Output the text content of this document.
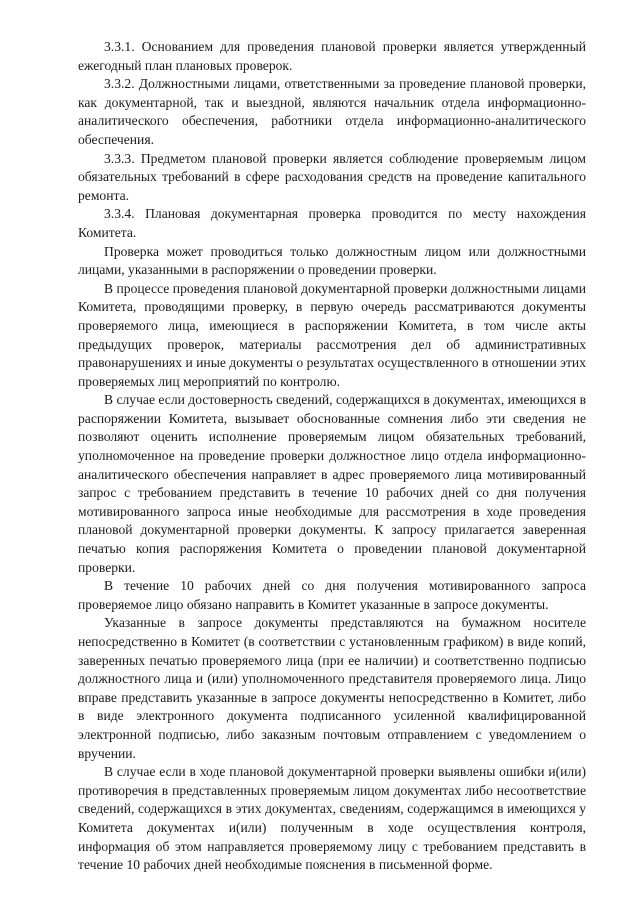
3.3.1. Основанием для проведения плановой проверки является утвержденный ежегодный план плановых проверок.

3.3.2. Должностными лицами, ответственными за проведение плановой проверки, как документарной, так и выездной, являются начальник отдела информационно-аналитического обеспечения, работники отдела информационно-аналитического обеспечения.

3.3.3. Предметом плановой проверки является соблюдение проверяемым лицом обязательных требований в сфере расходования средств на проведение капитального ремонта.

3.3.4. Плановая документарная проверка проводится по месту нахождения Комитета.

Проверка может проводиться только должностным лицом или должностными лицами, указанными в распоряжении о проведении проверки.

В процессе проведения плановой документарной проверки должностными лицами Комитета, проводящими проверку, в первую очередь рассматриваются документы проверяемого лица, имеющиеся в распоряжении Комитета, в том числе акты предыдущих проверок, материалы рассмотрения дел об административных правонарушениях и иные документы о результатах осуществленного в отношении этих проверяемых лиц мероприятий по контролю.

В случае если достоверность сведений, содержащихся в документах, имеющихся в распоряжении Комитета, вызывает обоснованные сомнения либо эти сведения не позволяют оценить исполнение проверяемым лицом обязательных требований, уполномоченное на проведение проверки должностное лицо отдела информационно-аналитического обеспечения направляет в адрес проверяемого лица мотивированный запрос с требованием представить в течение 10 рабочих дней со дня получения мотивированного запроса иные необходимые для рассмотрения в ходе проведения плановой документарной проверки документы. К запросу прилагается заверенная печатью копия распоряжения Комитета о проведении плановой документарной проверки.

В течение 10 рабочих дней со дня получения мотивированного запроса проверяемое лицо обязано направить в Комитет указанные в запросе документы.

Указанные в запросе документы представляются на бумажном носителе непосредственно в Комитет (в соответствии с установленным графиком) в виде копий, заверенных печатью проверяемого лица (при ее наличии) и соответственно подписью должностного лица и (или) уполномоченного представителя проверяемого лица. Лицо вправе представить указанные в запросе документы непосредственно в Комитет, либо в виде электронного документа подписанного усиленной квалифицированной электронной подписью, либо заказным почтовым отправлением с уведомлением о вручении.

В случае если в ходе плановой документарной проверки выявлены ошибки и(или) противоречия в представленных проверяемым лицом документах либо несоответствие сведений, содержащихся в этих документах, сведениям, содержащимся в имеющихся у Комитета документах и(или) полученным в ходе осуществления контроля, информация об этом направляется проверяемому лицу с требованием представить в течение 10 рабочих дней необходимые пояснения в письменной форме.
